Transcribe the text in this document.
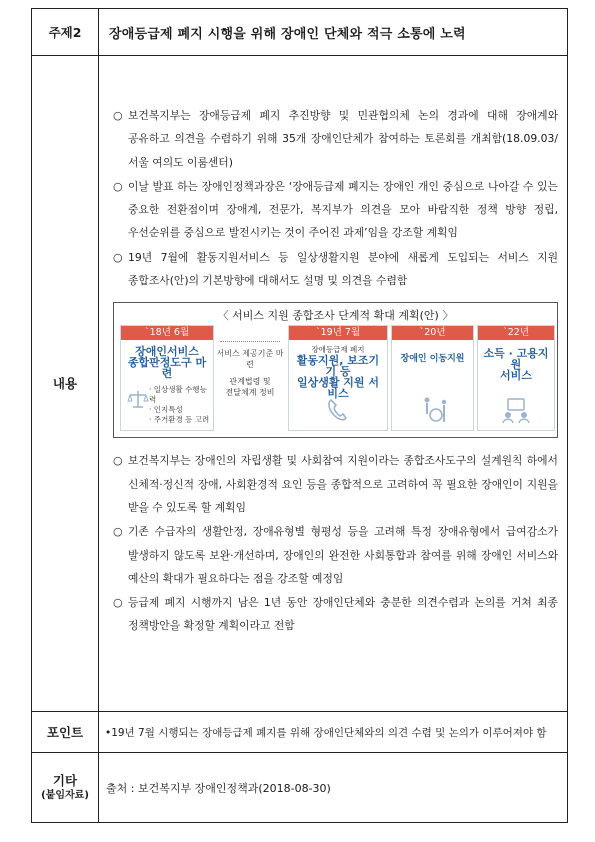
주제2	장애등급제 폐지 시행을 위해 장애인 단체와 적극 소통에 노력
내용
○ 보건복지부는 장애등급제 폐지 추진방향 및 민관협의체 논의 경과에 대해 장애계와 공유하고 의견을 수렴하기 위해 35개 장애인단체가 참여하는 토론회를 개최함(18.09.03/서울 여의도 이룸센터)
○ 이날 발표 하는 장애인정책과장은 ‘장애등급제 폐지는 장애인 개인 중심으로 나아갈 수 있는 중요한 전환점이며 장애계, 전문가, 복지부가 의견을 모아 바람직한 정책 방향 정립, 우선순위를 중심으로 발전시키는 것이 주어진 과제’임을 강조할 계획임
○ 19년 7월에 활동지원서비스 등 일상생활지원 분야에 새롭게 도입되는 서비스 지원 종합조사(안)의 기본방향에 대해서도 설명 및 의견을 수렴함
〈 서비스 지원 종합조사 단계적 확대 계획(안) 〉
`18년 6월
장애인서비스
종합판정도구 마련
· 일상생활 수행능력
· 인지특성
· 주거환경 등 고려
서비스 제공기준 마련
관계법령 및
전달체계 정비
`19년 7월
장애등급제 폐지
활동지원, 보조기기 등
일상생활 지원 서비스
`20년
장애인 이동지원
`22년
소득 · 고용지원
서비스
○ 보건복지부는 장애인의 자립생활 및 사회참여 지원이라는 종합조사도구의 설계원칙 하에서 신체적·정신적 장애, 사회환경적 요인 등을 종합적으로 고려하여 꼭 필요한 장애인이 지원을 받을 수 있도록 할 계획임
○ 기존 수급자의 생활안정, 장애유형별 형평성 등을 고려해 특정 장애유형에서 급여감소가 발생하지 않도록 보완·개선하며, 장애인의 완전한 사회통합과 참여를 위해 장애인 서비스와 예산의 확대가 필요하다는 점을 강조할 예정임
○ 등급제 폐지 시행까지 남은 1년 동안 장애인단체와 충분한 의견수렴과 논의를 거쳐 최종 정책방안을 확정할 계획이라고 전함
포인트	•19년 7월 시행되는 장애등급제 폐지를 위해 장애인단체와의 의견 수렴 및 논의가 이루어져야 함
기타
(붙임자료)
출처 : 보건복지부 장애인정책과(2018-08-30)
